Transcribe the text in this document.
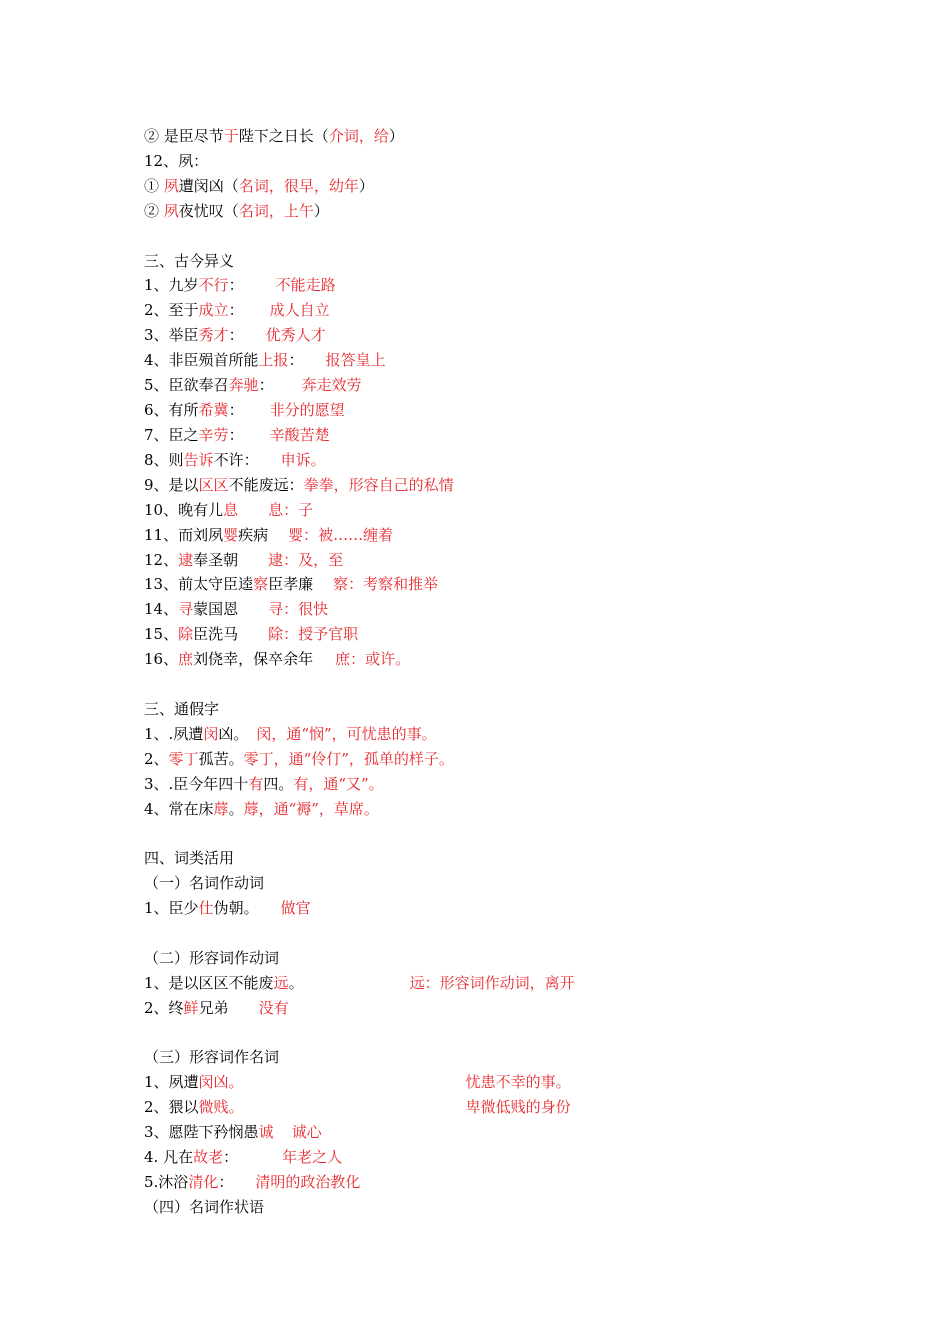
② 是臣尽节于陛下之日长（介词，给）
12、夙：
① 夙遭闵凶（名词，很早，幼年）
② 夙夜忧叹（名词，上午）
三、古今异义
1、九岁不行： 不能走路
2、至于成立： 成人自立
3、举臣秀才： 优秀人才
4、非臣殒首所能上报： 报答皇上
5、臣欲奉召奔驰： 奔走效劳
6、有所希冀： 非分的愿望
7、臣之辛劳： 辛酸苦楚
8、则告诉不许： 申诉。
9、是以区区不能废远：拳拳，形容自己的私情
10、晚有儿息 息：子
11、而刘夙婴疾病 婴：被……缠着
12、逮奉圣朝 逮：及，至
13、前太守臣逵察臣孝廉 察：考察和推举
14、寻蒙国恩 寻：很快
15、除臣洗马 除：授予官职
16、庶刘侥幸，保卒余年 庶：或许。
三、通假字
1、.夙遭闵凶。 闵，通“悯”，可忧患的事。
2、零丁孤苦。零丁，通“伶仃”，孤单的样子。
3、.臣今年四十有四。有，通“又”。
4、常在床蓐。蓐，通“褥”，草席。
四、词类活用
（一）名词作动词
1、臣少仕伪朝。 做官
（二）形容词作动词
1、是以区区不能废远。	远：形容词作动词，离开
2、终鲜兄弟 没有
（三）形容词作名词
1、夙遭闵凶。	忧患不幸的事。
2、猥以微贱。	卑微低贱的身份
3、愿陛下矜悯愚诚 诚心
4. 凡在故老：	年老之人
5.沐浴清化： 清明的政治教化
（四）名词作状语
